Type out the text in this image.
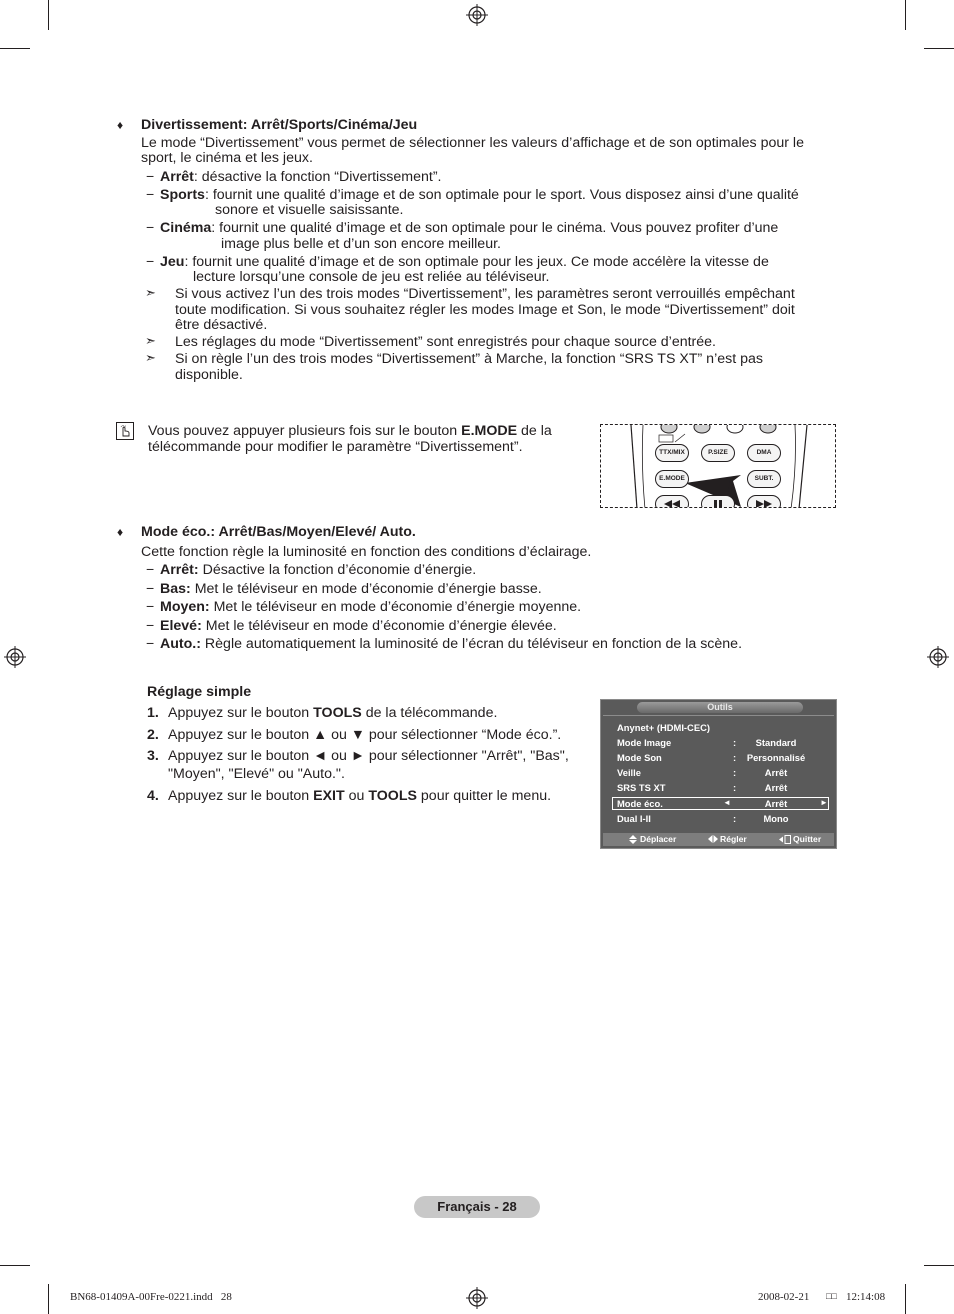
♦ Divertissement: Arrêt/Sports/Cinéma/Jeu
Le mode “Divertissement” vous permet de sélectionner les valeurs d’affichage et de son optimales pour le
sport, le cinéma et les jeux.
− Arrêt: désactive la fonction “Divertissement”.
− Sports: fournit une qualité d’image et de son optimale pour le sport. Vous disposez ainsi d’une qualité
sonore et visuelle saisissante.
− Cinéma: fournit une qualité d’image et de son optimale pour le cinéma. Vous pouvez profiter d’une
image plus belle et d’un son encore meilleur.
− Jeu: fournit une qualité d’image et de son optimale pour les jeux. Ce mode accélère la vitesse de
lecture lorsqu’une console de jeu est reliée au téléviseur.
➣ Si vous activez l’un des trois modes “Divertissement”, les paramètres seront verrouillés empêchant
toute modification. Si vous souhaitez régler les modes Image et Son, le mode “Divertissement” doit
être désactivé.
➣ Les réglages du mode “Divertissement” sont enregistrés pour chaque source d’entrée.
➣ Si on règle l’un des trois modes “Divertissement” à Marche, la fonction “SRS TS XT” n’est pas
disponible.
Vous pouvez appuyer plusieurs fois sur le bouton E.MODE de la
télécommande pour modifier le paramètre “Divertissement”.	TTX/MIX	P.SIZE	DMA
E.MODE	SUBT.
♦ Mode éco.: Arrêt/Bas/Moyen/Elevé/ Auto.
Cette fonction règle la luminosité en fonction des conditions d’éclairage.
− Arrêt: Désactive la fonction d’économie d’énergie.
− Bas: Met le téléviseur en mode d’économie d’énergie basse.
− Moyen: Met le téléviseur en mode d’économie d’énergie moyenne.
− Elevé: Met le téléviseur en mode d’économie d’énergie élevée.
− Auto.: Règle automatiquement la luminosité de l’écran du téléviseur en fonction de la scène.
Réglage simple
1. Appuyez sur le bouton TOOLS de la télécommande.
2. Appuyez sur le bouton ▲ ou ▼ pour sélectionner “Mode éco.”.
3. Appuyez sur le bouton ◄ ou ► pour sélectionner "Arrêt", "Bas",
"Moyen", "Elevé" ou "Auto.".
4. Appuyez sur le bouton EXIT ou TOOLS pour quitter le menu.
Outils
Anynet+ (HDMI-CEC)
Mode Image	:	Standard
Mode Son	:	Personnalisé
Veille	:	Arrêt
SRS TS XT	:	Arrêt
Mode éco.	◄	Arrêt	►
Dual I-II	:	Mono
Déplacer	Régler	Quitter
Français - 28
BN68-01409A-00Fre-0221.indd   28	2008-02-21 □□ 12:14:08
